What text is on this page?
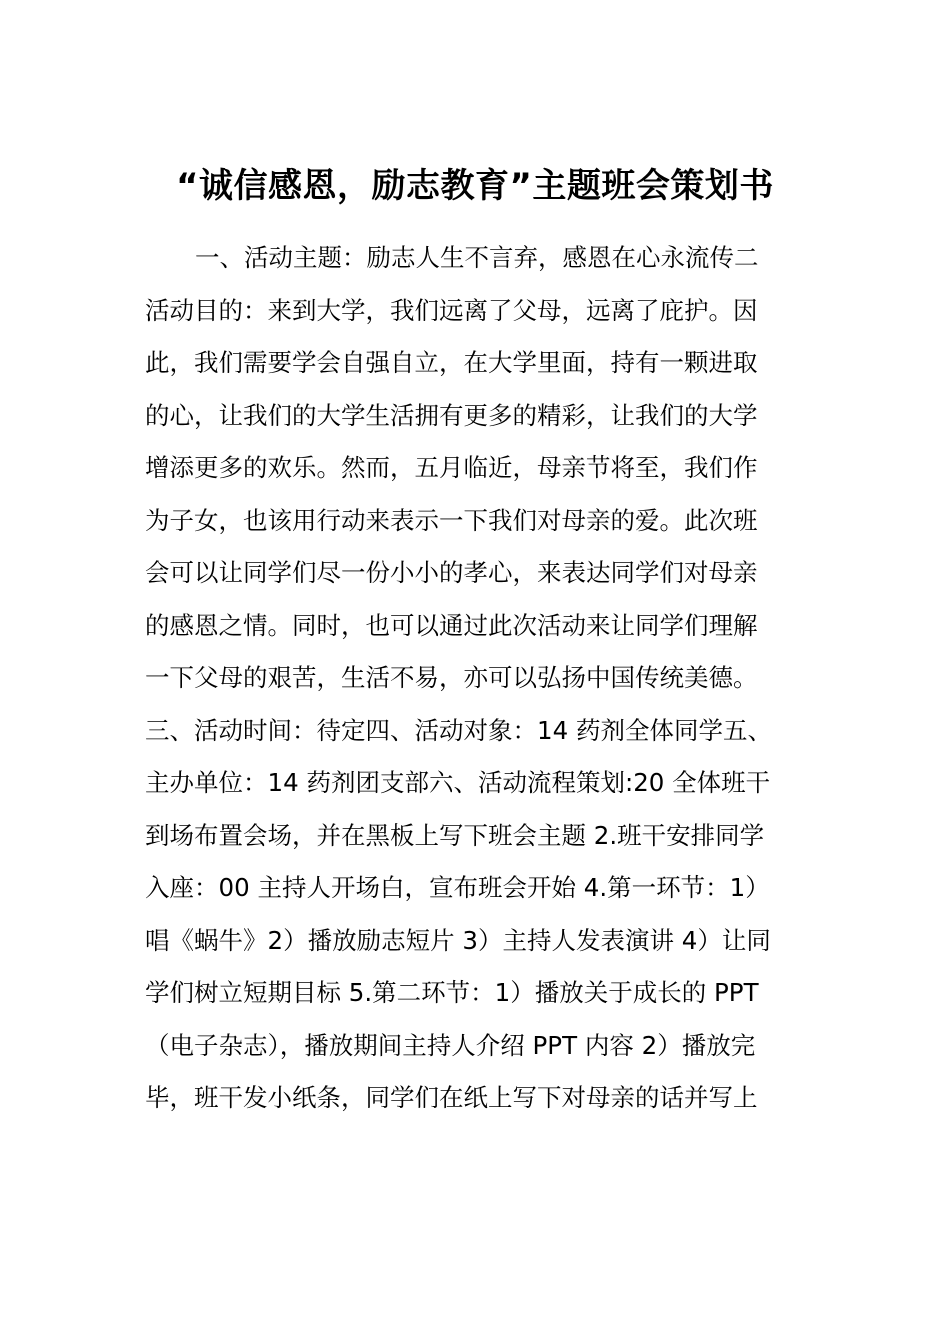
“诚信感恩，励志教育”主题班会策划书
一、活动主题：励志人生不言弃，感恩在心永流传二
活动目的：来到大学，我们远离了父母，远离了庇护。因
此，我们需要学会自强自立，在大学里面，持有一颗进取
的心，让我们的大学生活拥有更多的精彩，让我们的大学
增添更多的欢乐。然而，五月临近，母亲节将至，我们作
为子女，也该用行动来表示一下我们对母亲的爱。此次班
会可以让同学们尽一份小小的孝心，来表达同学们对母亲
的感恩之情。同时，也可以通过此次活动来让同学们理解
一下父母的艰苦，生活不易，亦可以弘扬中国传统美德。
三、活动时间：待定四、活动对象：14 药剂全体同学五、
主办单位：14 药剂团支部六、活动流程策划:20 全体班干
到场布置会场，并在黑板上写下班会主题 2.班干安排同学
入座：00 主持人开场白，宣布班会开始 4.第一环节：1）
唱《蜗牛》2）播放励志短片 3）主持人发表演讲 4）让同
学们树立短期目标 5.第二环节：1）播放关于成长的 PPT
（电子杂志），播放期间主持人介绍 PPT 内容 2）播放完
毕，班干发小纸条，同学们在纸上写下对母亲的话并写上
